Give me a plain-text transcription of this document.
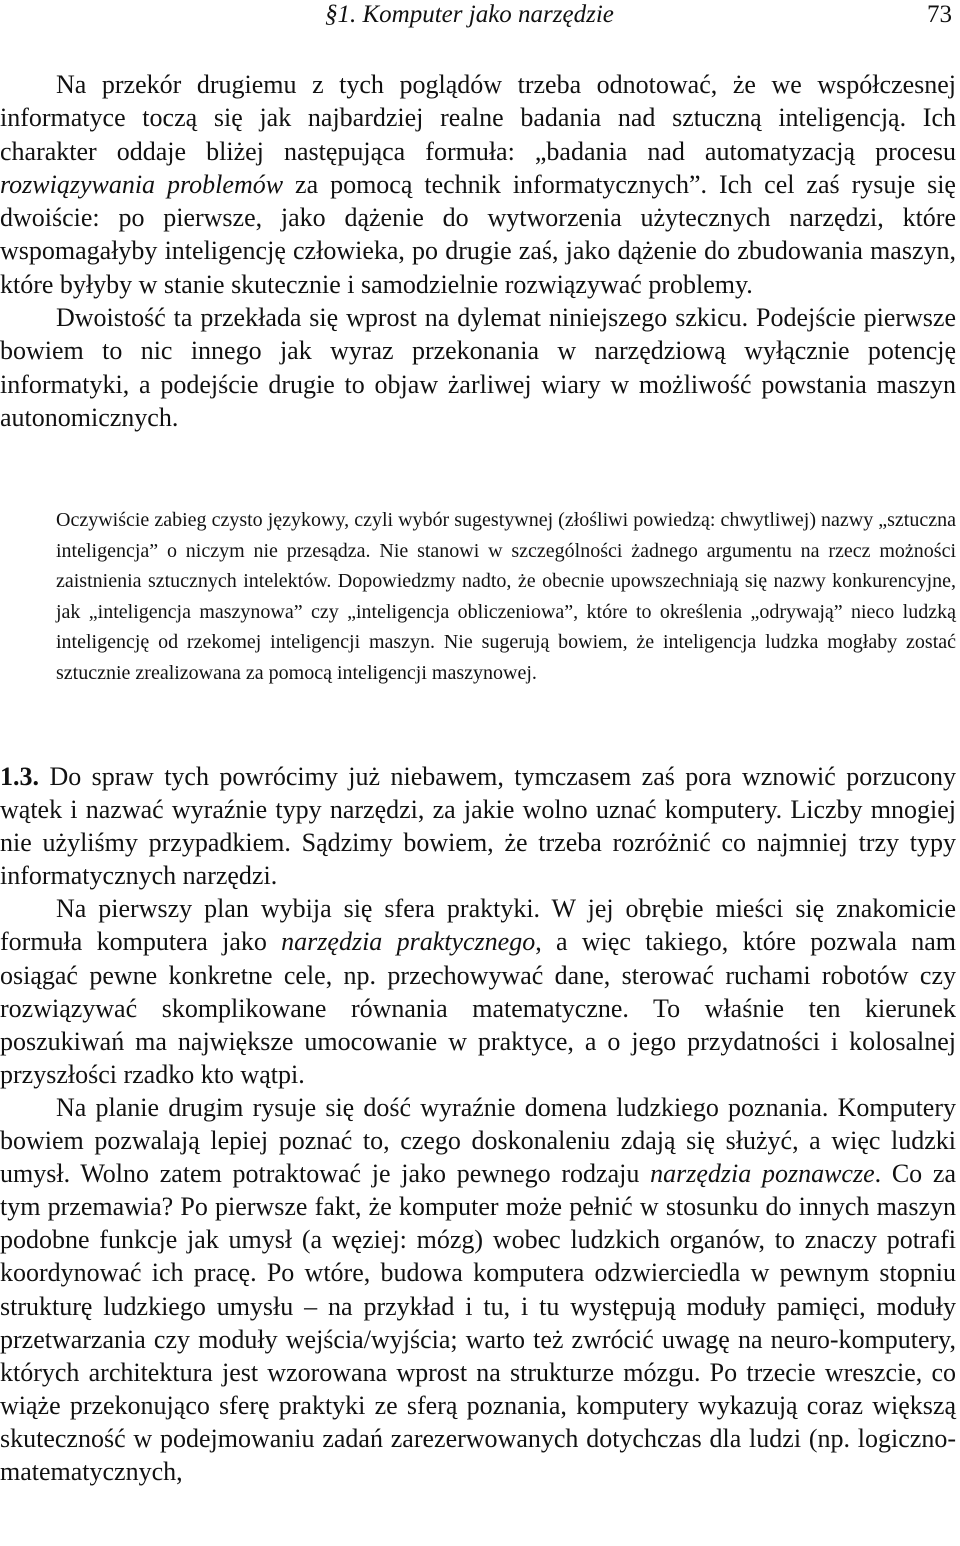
§1. Komputer jako narzędzie	73

Na przekór drugiemu z tych poglądów trzeba odnotować, że we współczesnej informatyce toczą się jak najbardziej realne badania nad sztuczną inteligencją. Ich charakter oddaje bliżej następująca formuła: „badania nad automatyzacją procesu rozwiązywania problemów za pomocą technik informatycznych”. Ich cel zaś rysuje się dwoiście: po pierwsze, jako dążenie do wytworzenia użytecznych narzędzi, które wspomagałyby inteligencję człowieka, po drugie zaś, jako dążenie do zbudowania maszyn, które byłyby w stanie skutecznie i samodzielnie rozwiązywać problemy.

Dwoistość ta przekłada się wprost na dylemat niniejszego szkicu. Podejście pierwsze bowiem to nic innego jak wyraz przekonania w narzędziową wyłącznie potencję informatyki, a podejście drugie to objaw żarliwej wiary w możliwość powstania maszyn autonomicznych.

Oczywiście zabieg czysto językowy, czyli wybór sugestywnej (złośliwi powiedzą: chwytliwej) nazwy „sztuczna inteligencja” o niczym nie przesądza. Nie stanowi w szczególności żadnego argumentu na rzecz możności zaistnienia sztucznych intelektów. Dopowiedzmy nadto, że obecnie upowszechniają się nazwy konkurencyjne, jak „inteligencja maszynowa” czy „inteligencja obliczeniowa”, które to określenia „odrywają” nieco ludzką inteligencję od rzekomej inteligencji maszyn. Nie sugerują bowiem, że inteligencja ludzka mogłaby zostać sztucznie zrealizowana za pomocą inteligencji maszynowej.

1.3. Do spraw tych powrócimy już niebawem, tymczasem zaś pora wznowić porzucony wątek i nazwać wyraźnie typy narzędzi, za jakie wolno uznać komputery. Liczby mnogiej nie użyliśmy przypadkiem. Sądzimy bowiem, że trzeba rozróżnić co najmniej trzy typy informatycznych narzędzi.

Na pierwszy plan wybija się sfera praktyki. W jej obrębie mieści się znakomicie formuła komputera jako narzędzia praktycznego, a więc takiego, które pozwala nam osiągać pewne konkretne cele, np. przechowywać dane, sterować ruchami robotów czy rozwiązywać skomplikowane równania matematyczne. To właśnie ten kierunek poszukiwań ma największe umocowanie w praktyce, a o jego przydatności i kolosalnej przyszłości rzadko kto wątpi.

Na planie drugim rysuje się dość wyraźnie domena ludzkiego poznania. Komputery bowiem pozwalają lepiej poznać to, czego doskonaleniu zdają się służyć, a więc ludzki umysł. Wolno zatem potraktować je jako pewnego rodzaju narzędzia poznawcze. Co za tym przemawia? Po pierwsze fakt, że komputer może pełnić w stosunku do innych maszyn podobne funkcje jak umysł (a węziej: mózg) wobec ludzkich organów, to znaczy potrafi koordynować ich pracę. Po wtóre, budowa komputera odzwierciedla w pewnym stopniu strukturę ludzkiego umysłu – na przykład i tu, i tu występują moduły pamięci, moduły przetwarzania czy moduły wejścia/wyjścia; warto też zwrócić uwagę na neuro-komputery, których architektura jest wzorowana wprost na strukturze mózgu. Po trzecie wreszcie, co wiąże przekonująco sferę praktyki ze sferą poznania, komputery wykazują coraz większą skuteczność w podejmowaniu zadań zarezerwowanych dotychczas dla ludzi (np. logiczno-matematycznych,
